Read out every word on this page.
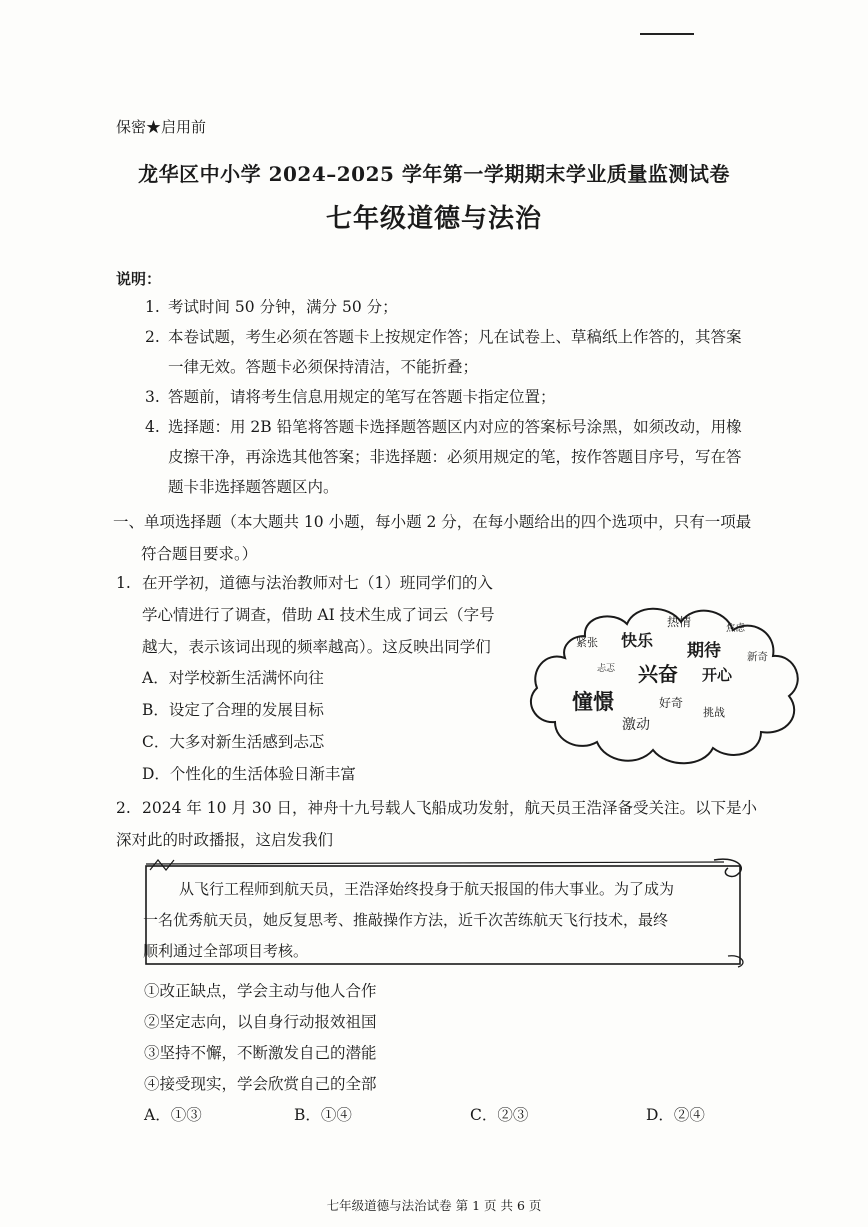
保密★启用前
龙华区中小学 2024–2025 学年第一学期期末学业质量监测试卷
七年级道德与法治
说明：
1. 考试时间 50 分钟，满分 50 分；
2. 本卷试题，考生必须在答题卡上按规定作答；凡在试卷上、草稿纸上作答的，其答案
一律无效。答题卡必须保持清洁，不能折叠；
3. 答题前，请将考生信息用规定的笔写在答题卡指定位置；
4. 选择题：用 2B 铅笔将答题卡选择题答题区内对应的答案标号涂黑，如须改动，用橡
皮擦干净，再涂选其他答案；非选择题：必须用规定的笔，按作答题目序号，写在答
题卡非选择题答题区内。
一、单项选择题（本大题共 10 小题，每小题 2 分，在每小题给出的四个选项中，只有一项最
符合题目要求。）
1. 在开学初，道德与法治教师对七（1）班同学们的入
学心情进行了调查，借助 AI 技术生成了词云（字号
越大，表示该词出现的频率越高）。这反映出同学们
A．对学校新生活满怀向往
B．设定了合理的发展目标
C．大多对新生活感到忐忑
D．个性化的生活体验日渐丰富
紧张 快乐
热情	焦虑
期待 新奇
忐忑 兴奋 开心
憧憬	好奇
挑战
激动
2. 2024 年 10 月 30 日，神舟十九号载人飞船成功发射，航天员王浩泽备受关注。以下是小
深对此的时政播报，这启发我们
从飞行工程师到航天员，王浩泽始终投身于航天报国的伟大事业。为了成为
一名优秀航天员，她反复思考、推敲操作方法，近千次苦练航天飞行技术，最终
顺利通过全部项目考核。
①改正缺点，学会主动与他人合作
②坚定志向，以自身行动报效祖国
③坚持不懈，不断激发自己的潜能
④接受现实，学会欣赏自己的全部
A．①③	B．①④	C．②③	D．②④
七年级道德与法治试卷 第 1 页 共 6 页
